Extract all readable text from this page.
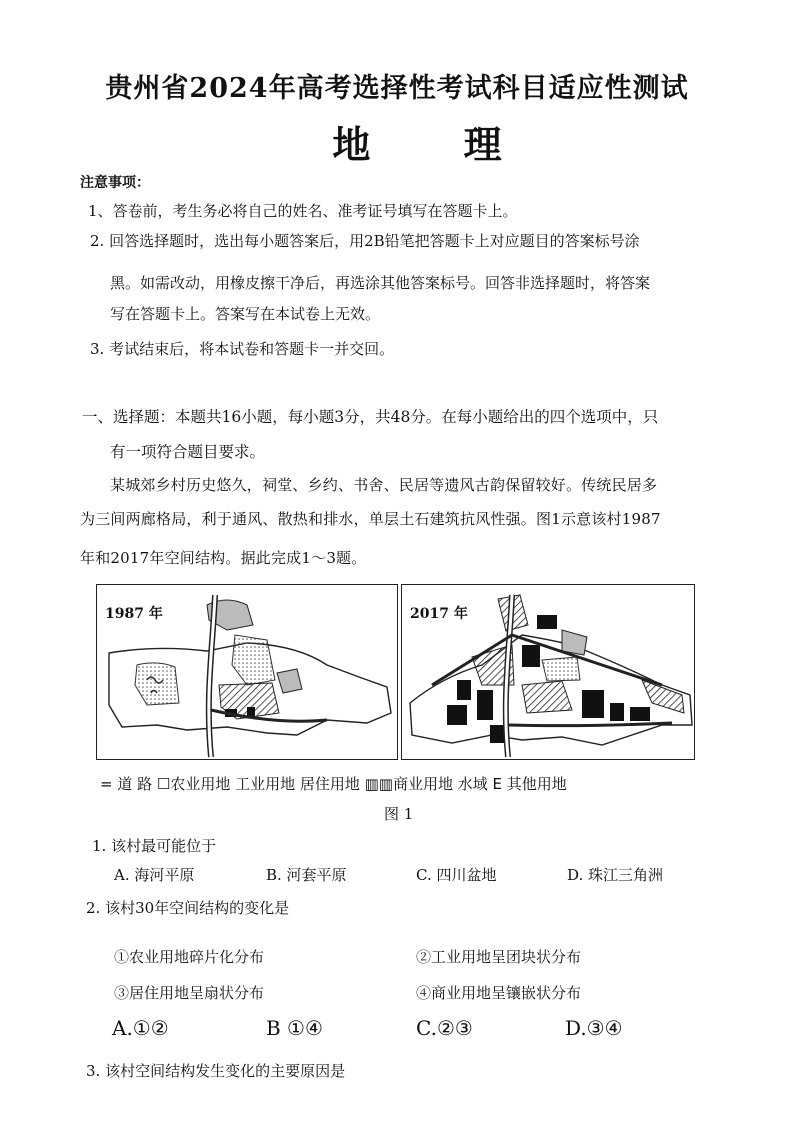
贵州省2024年高考选择性考试科目适应性测试
地 理
注意事项：
1、答卷前，考生务必将自己的姓名、准考证号填写在答题卡上。
2. 回答选择题时，选出每小题答案后，用2B铅笔把答题卡上对应题目的答案标号涂
黑。如需改动，用橡皮擦干净后，再选涂其他答案标号。回答非选择题时，将答案
写在答题卡上。答案写在本试卷上无效。
3. 考试结束后，将本试卷和答题卡一并交回。
一、选择题：本题共16小题，每小题3分，共48分。在每小题给出的四个选项中，只
有一项符合题目要求。
某城郊乡村历史悠久，祠堂、乡约、书舍、民居等遗风古韵保留较好。传统民居多
为三间两廊格局，利于通风、散热和排水，单层土石建筑抗风性强。图1示意该村1987
年和2017年空间结构。据此完成1～3题。
1987 年	2017 年
= 道 路 ☐农业用地 工业用地 居住用地 ▥▥商业用地 水域 E 其他用地
图 1
1. 该村最可能位于
A. 海河平原	B. 河套平原	C. 四川盆地	D. 珠江三角洲
2. 该村30年空间结构的变化是
①农业用地碎片化分布	②工业用地呈团块状分布
③居住用地呈扇状分布	④商业用地呈镶嵌状分布
A.①②	B ①④	C.②③	D.③④
3. 该村空间结构发生变化的主要原因是
